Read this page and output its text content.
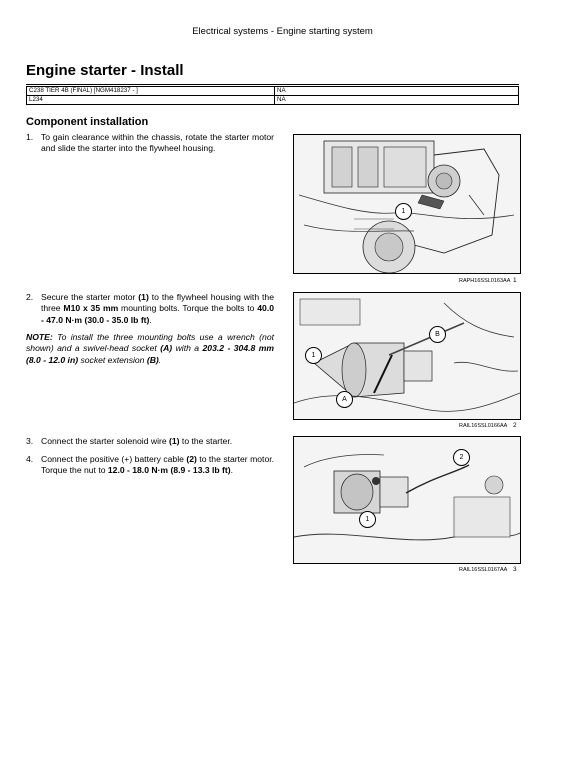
Electrical systems - Engine starting system
Engine starter - Install
C238 TIER 4B (FINAL) [NGM418237 - ]	NA
L234	NA
Component installation
1. To gain clearance within the chassis, rotate the starter motor and slide the starter into the flywheel housing.
2. Secure the starter motor (1) to the flywheel housing with the three M10 x 35 mm mounting bolts. Torque the bolts to 40.0 - 47.0 N·m (30.0 - 35.0 lb ft).
NOTE: To install the three mounting bolts use a wrench (not shown) and a swivel-head socket (A) with a 203.2 - 304.8 mm (8.0 - 12.0 in) socket extension (B).
3. Connect the starter solenoid wire (1) to the starter.
4. Connect the positive (+) battery cable (2) to the starter motor. Torque the nut to 12.0 - 18.0 N·m (8.9 - 13.3 lb ft).
1
RAPH16SSL0163AA 1
B
1
A
RAIL16SSL0166AA 2
2
1
RAIL16SSL0167AA 3
